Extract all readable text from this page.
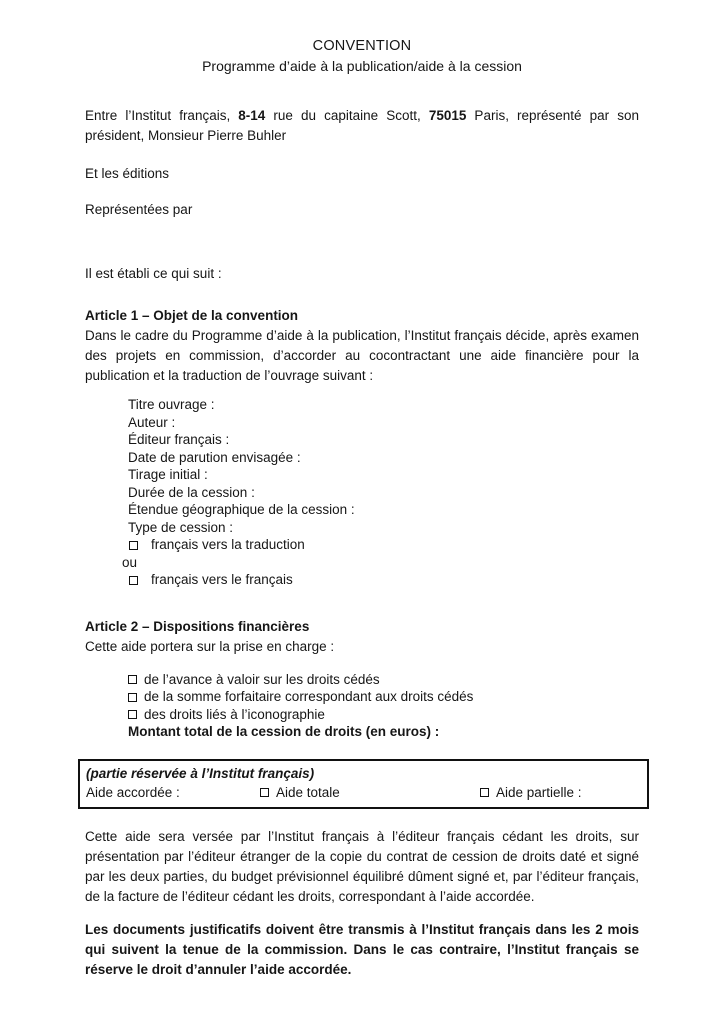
CONVENTION
Programme d’aide à la publication/aide à la cession

Entre l’Institut français, 8-14 rue du capitaine Scott, 75015 Paris, représenté par son président, Monsieur Pierre Buhler

Et les éditions
Représentées par
Il est établi ce qui suit :
Article 1 – Objet de la convention

Dans le cadre du Programme d’aide à la publication, l’Institut français décide, après examen des projets en commission, d’accorder au cocontractant une aide financière pour la publication et la traduction de l’ouvrage suivant :

Titre ouvrage :
Auteur :
Éditeur français :
Date de parution envisagée :
Tirage initial :
Durée de la cession :
Étendue géographique de la cession :
Type de cession :
français vers la traduction
ou
français vers le français
Article 2 – Dispositions financières
Cette aide portera sur la prise en charge :
de l’avance à valoir sur les droits cédés
de la somme forfaitaire correspondant aux droits cédés
des droits liés à l’iconographie
Montant total de la cession de droits (en euros) :
(partie réservée à l’Institut français)
Aide accordée :	Aide totale	Aide partielle :

Cette aide sera versée par l’Institut français à l’éditeur français cédant les droits, sur présentation par l’éditeur étranger de la copie du contrat de cession de droits daté et signé par les deux parties, du budget prévisionnel équilibré dûment signé et, par l’éditeur français, de la facture de l’éditeur cédant les droits, correspondant à l’aide accordée.

Les documents justificatifs doivent être transmis à l’Institut français dans les 2 mois qui suivent la tenue de la commission. Dans le cas contraire, l’Institut français se réserve le droit d’annuler l’aide accordée.
